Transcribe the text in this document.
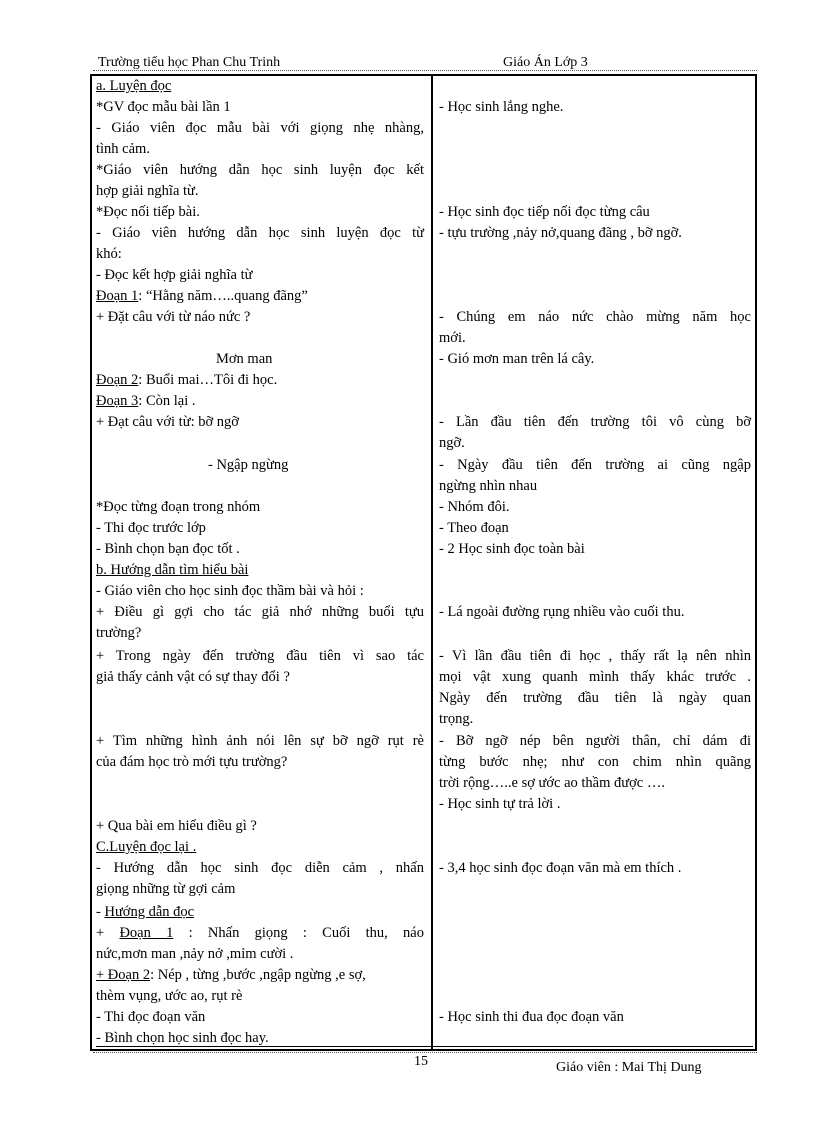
Trường tiểu học Phan Chu Trinh	Giáo Án Lớp 3
a. Luyện đọc
*GV đọc mẫu bài lần 1
- Giáo viên đọc mẫu bài với giọng nhẹ nhàng,
tình cảm.
*Giáo viên hướng dẫn học sinh luyện đọc kết
hợp giải nghĩa từ.
*Đọc nối tiếp bài.
- Giáo viên hướng dẫn học sinh luyện đọc từ
khó:
- Đọc kết hợp giải nghĩa từ
Đoạn 1: “Hằng năm…..quang đãng”
+ Đặt câu với từ náo nức ?
Mơn man
Đoạn 2: Buổi mai…Tôi đi học.
Đoạn 3: Còn lại .
+ Đạt câu với từ: bỡ ngỡ
- Ngập ngừng
*Đọc từng đoạn trong nhóm
- Thi đọc trước lớp
- Bình chọn bạn đọc tốt .
b. Hướng dẫn tìm hiểu bài
- Giáo viên cho học sinh đọc thầm bài và hỏi :
+ Điều gì gợi cho tác giả nhớ những buổi tựu
trường?
+ Trong ngày đến trường đầu tiên vì sao tác
giả thấy cảnh vật có sự thay đổi ?
+ Tìm những hình ảnh nói lên sự bỡ ngỡ rụt rè
của đám học trò mới tựu trường?
+ Qua bài em hiểu điều gì ?
C.Luyện đọc lại .
- Hướng dẫn học sinh đọc diễn cảm , nhấn
giọng những từ gợi cảm
- Hướng dẫn đọc
+ Đoạn 1 : Nhấn giọng : Cuối thu, náo
nức,mơn man ,nảy nở ,mỉm cười .
+ Đoạn 2: Nép , từng ,bước ,ngập ngừng ,e sợ,
thèm vụng, ước ao, rụt rè
- Thi đọc đoạn văn
- Bình chọn học sinh đọc hay.
- Học sinh lắng nghe.
- Học sinh đọc tiếp nối đọc từng câu
- tựu trường ,nảy nở,quang đãng , bỡ ngỡ.
- Chúng em náo nức chào mừng năm học
mới.
- Gió mơn man trên lá cây.
- Lần đầu tiên đến trường tôi vô cùng bỡ
ngỡ.
- Ngày đầu tiên đến trường ai cũng ngập
ngừng nhìn nhau
- Nhóm đôi.
- Theo đoạn
- 2 Học sinh đọc toàn bài
- Lá ngoài đường rụng nhiều vào cuối thu.
- Vì lần đầu tiên đi học , thấy rất lạ nên nhìn
mọi vật xung quanh mình thấy khác trước .
Ngày đến trường đầu tiên là ngày quan
trọng.
- Bỡ ngỡ nép bên người thân, chỉ dám đi
từng bước nhẹ; như con chim nhìn quãng
trời rộng…..e sợ ước ao thầm được ….
- Học sinh tự trả lời .
- 3,4 học sinh đọc đoạn văn mà em thích .
- Học sinh thi đua đọc đoạn văn
15	Giáo viên : Mai Thị Dung
